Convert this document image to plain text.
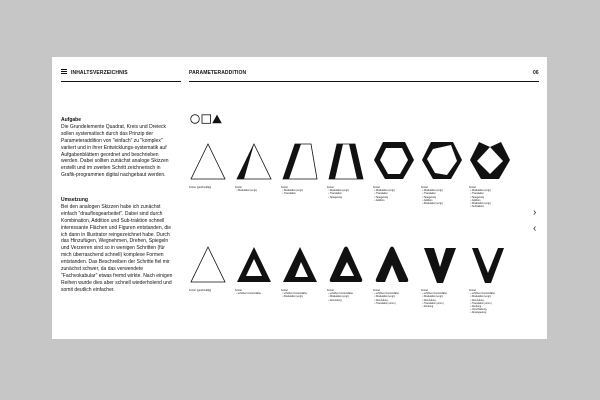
INHALTSVERZEICHNIS	PARAMETERADDITION	06
Aufgabe

Die Grundelemente Quadrat, Kreis und Dreieck sollen systematisch durch das Prinzip der Parameteraddition von "einfach" zu "komplex" variiert und in ihrer Entwicklungs-systematik auf Aufgabenblättern geordnet und beschrieben werden. Dabei sollten zunächst analoge Skizzen erstellt und im zweiten Schritt zeichnerisch in Grafik-programmen digital nachgebaut werden.

Umsetzung

Bei den analogen Skizzen habe ich zunächst einfach "drauflosgearbeitet". Dabei sind durch Kombination, Addition und Sub-traktion schnell interessante Flächen und Figuren entstanden, die ich dann in Illustrator reingezeichnet habe. Durch das Hinzufügen, Wegnehmen, Drehen, Spiegeln und Verzerren sind so in wenigen Schritten (für mich überraschend schnell) komplexe Formen entstanden. Das Beschreiben der Schritte fiel mir zunächst schwer, da das verwendete "Fachvokabular" etwas fremd wirkte. Nach einigen Reihen wurde dies aber schnell wiederholend und somit deutlich einfacher.

Kontur (gleichmäßig)	Kontur
• Modulation (engl.)
Kontur
• Modulation (engl.)
• Translation
Kontur
• Modulation (engl.)
• Translation
• Spiegelung
Kontur
• Modulation (engl.)
• Translation
• Spiegelung
• Addition
Kontur
• Modulation (engl.)
• Translation
• Spiegelung
• Addition
• Modulation (engl.)
Kontur
• Modulation (engl.)
• Translation
• Spiegelung
• Addition
• Modulation (engl.)
• Subtraktion
Kontur (gleichmäßig)	Kontur
• erhöhen Konturstärke
Kontur
• erhöhen Konturstärke
• Modulation (engl.)
Kontur
• erhöhen Konturstärke
• Modulation (engl.)
• Abrundung
Kontur
• erhöhen Konturstärke
• Modulation (engl.)
• Abrundung
• Translation (umm.)
Kontur
• erhöhen Konturstärke
• Modulation (engl.)
• Abrundung
• Translation (umm.)
• Drehung
Kontur
• erhöhen Konturstärke
• Modulation (engl.)
• Abrundung
• Translation (umm.)
• Drehung
• Verschiebung
• Abspiegelung
›
‹
